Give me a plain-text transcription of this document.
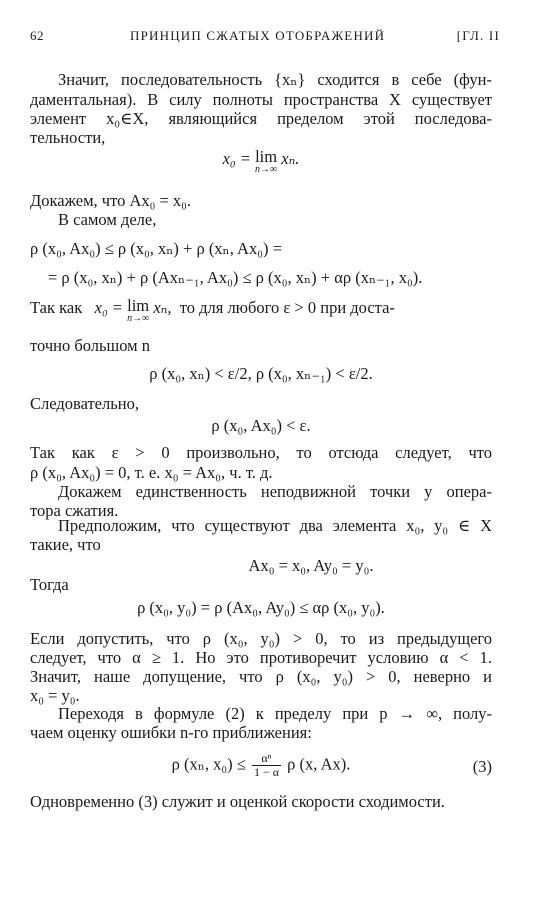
62	ПРИНЦИП СЖАТЫХ ОТОБРАЖЕНИЙ	[ГЛ. II
Значит, последовательность {xₙ} сходится в себе (фун-
даментальная). В силу полноты пространства X существует
элемент x₀∈X, являющийся пределом этой последова-
тельности,
x₀ = lim
n→∞
xₙ.
Докажем, что Ax₀ = x₀.
В самом деле,
ρ (x₀, Ax₀) ≤ ρ (x₀, xₙ) + ρ (xₙ, Ax₀) =
= ρ (x₀, xₙ) + ρ (Axₙ₋₁, Ax₀) ≤ ρ (x₀, xₙ) + αρ (xₙ₋₁, x₀).
Так как x₀ = lim
n→∞
xₙ, то для любого ε > 0 при доста-
точно большом n
ρ (x₀, xₙ) < ε/2, ρ (x₀, xₙ₋₁) < ε/2.
Следовательно,
ρ (x₀, Ax₀) < ε.
Так как ε > 0 произвольно, то отсюда следует, что
ρ (x₀, Ax₀) = 0, т. е. x₀ = Ax₀, ч. т. д.
Докажем единственность неподвижной точки у опера-
тора сжатия.
Предположим, что существуют два элемента x₀, y₀ ∈ X
такие, что
Ax₀ = x₀, Ay₀ = y₀.
Тогда
ρ (x₀, y₀) = ρ (Ax₀, Ay₀) ≤ αρ (x₀, y₀).
Если допустить, что ρ (x₀, y₀) > 0, то из предыдущего
следует, что α ≥ 1. Но это противоречит условию α < 1.
Значит, наше допущение, что ρ (x₀, y₀) > 0, неверно и
x₀ = y₀.
Переходя в формуле (2) к пределу при p → ∞, полу-
чаем оценку ошибки n-го приближения:
ρ (xₙ, $x_0) \le \frac{\text{αⁿ}}{1 - \alpha}$ ρ (x, Ax).	(3)
Одновременно (3) служит и оценкой скорости сходимости.
